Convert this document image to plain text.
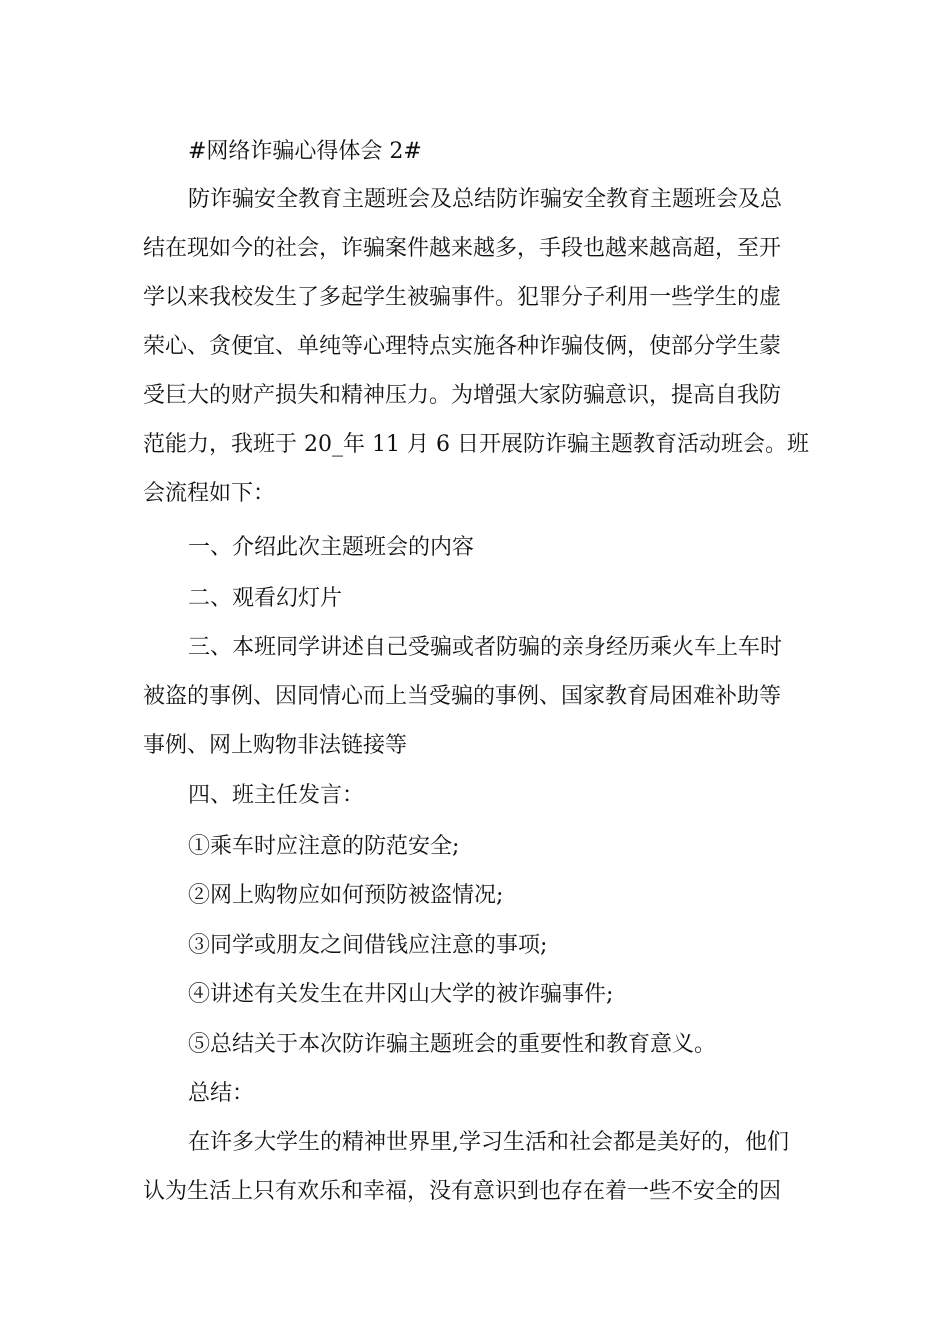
#网络诈骗心得体会 2#
防诈骗安全教育主题班会及总结防诈骗安全教育主题班会及总
结在现如今的社会，诈骗案件越来越多，手段也越来越高超，至开
学以来我校发生了多起学生被骗事件。犯罪分子利用一些学生的虚
荣心、贪便宜、单纯等心理特点实施各种诈骗伎俩，使部分学生蒙
受巨大的财产损失和精神压力。为增强大家防骗意识，提高自我防
范能力，我班于 20_年 11 月 6 日开展防诈骗主题教育活动班会。班
会流程如下：
一、介绍此次主题班会的内容
二、观看幻灯片
三、本班同学讲述自己受骗或者防骗的亲身经历乘火车上车时
被盗的事例、因同情心而上当受骗的事例、国家教育局困难补助等
事例、网上购物非法链接等
四、班主任发言：
①乘车时应注意的防范安全;
②网上购物应如何预防被盗情况;
③同学或朋友之间借钱应注意的事项;
④讲述有关发生在井冈山大学的被诈骗事件;
⑤总结关于本次防诈骗主题班会的重要性和教育意义。
总结：
在许多大学生的精神世界里,学习生活和社会都是美好的，他们
认为生活上只有欢乐和幸福，没有意识到也存在着一些不安全的因
